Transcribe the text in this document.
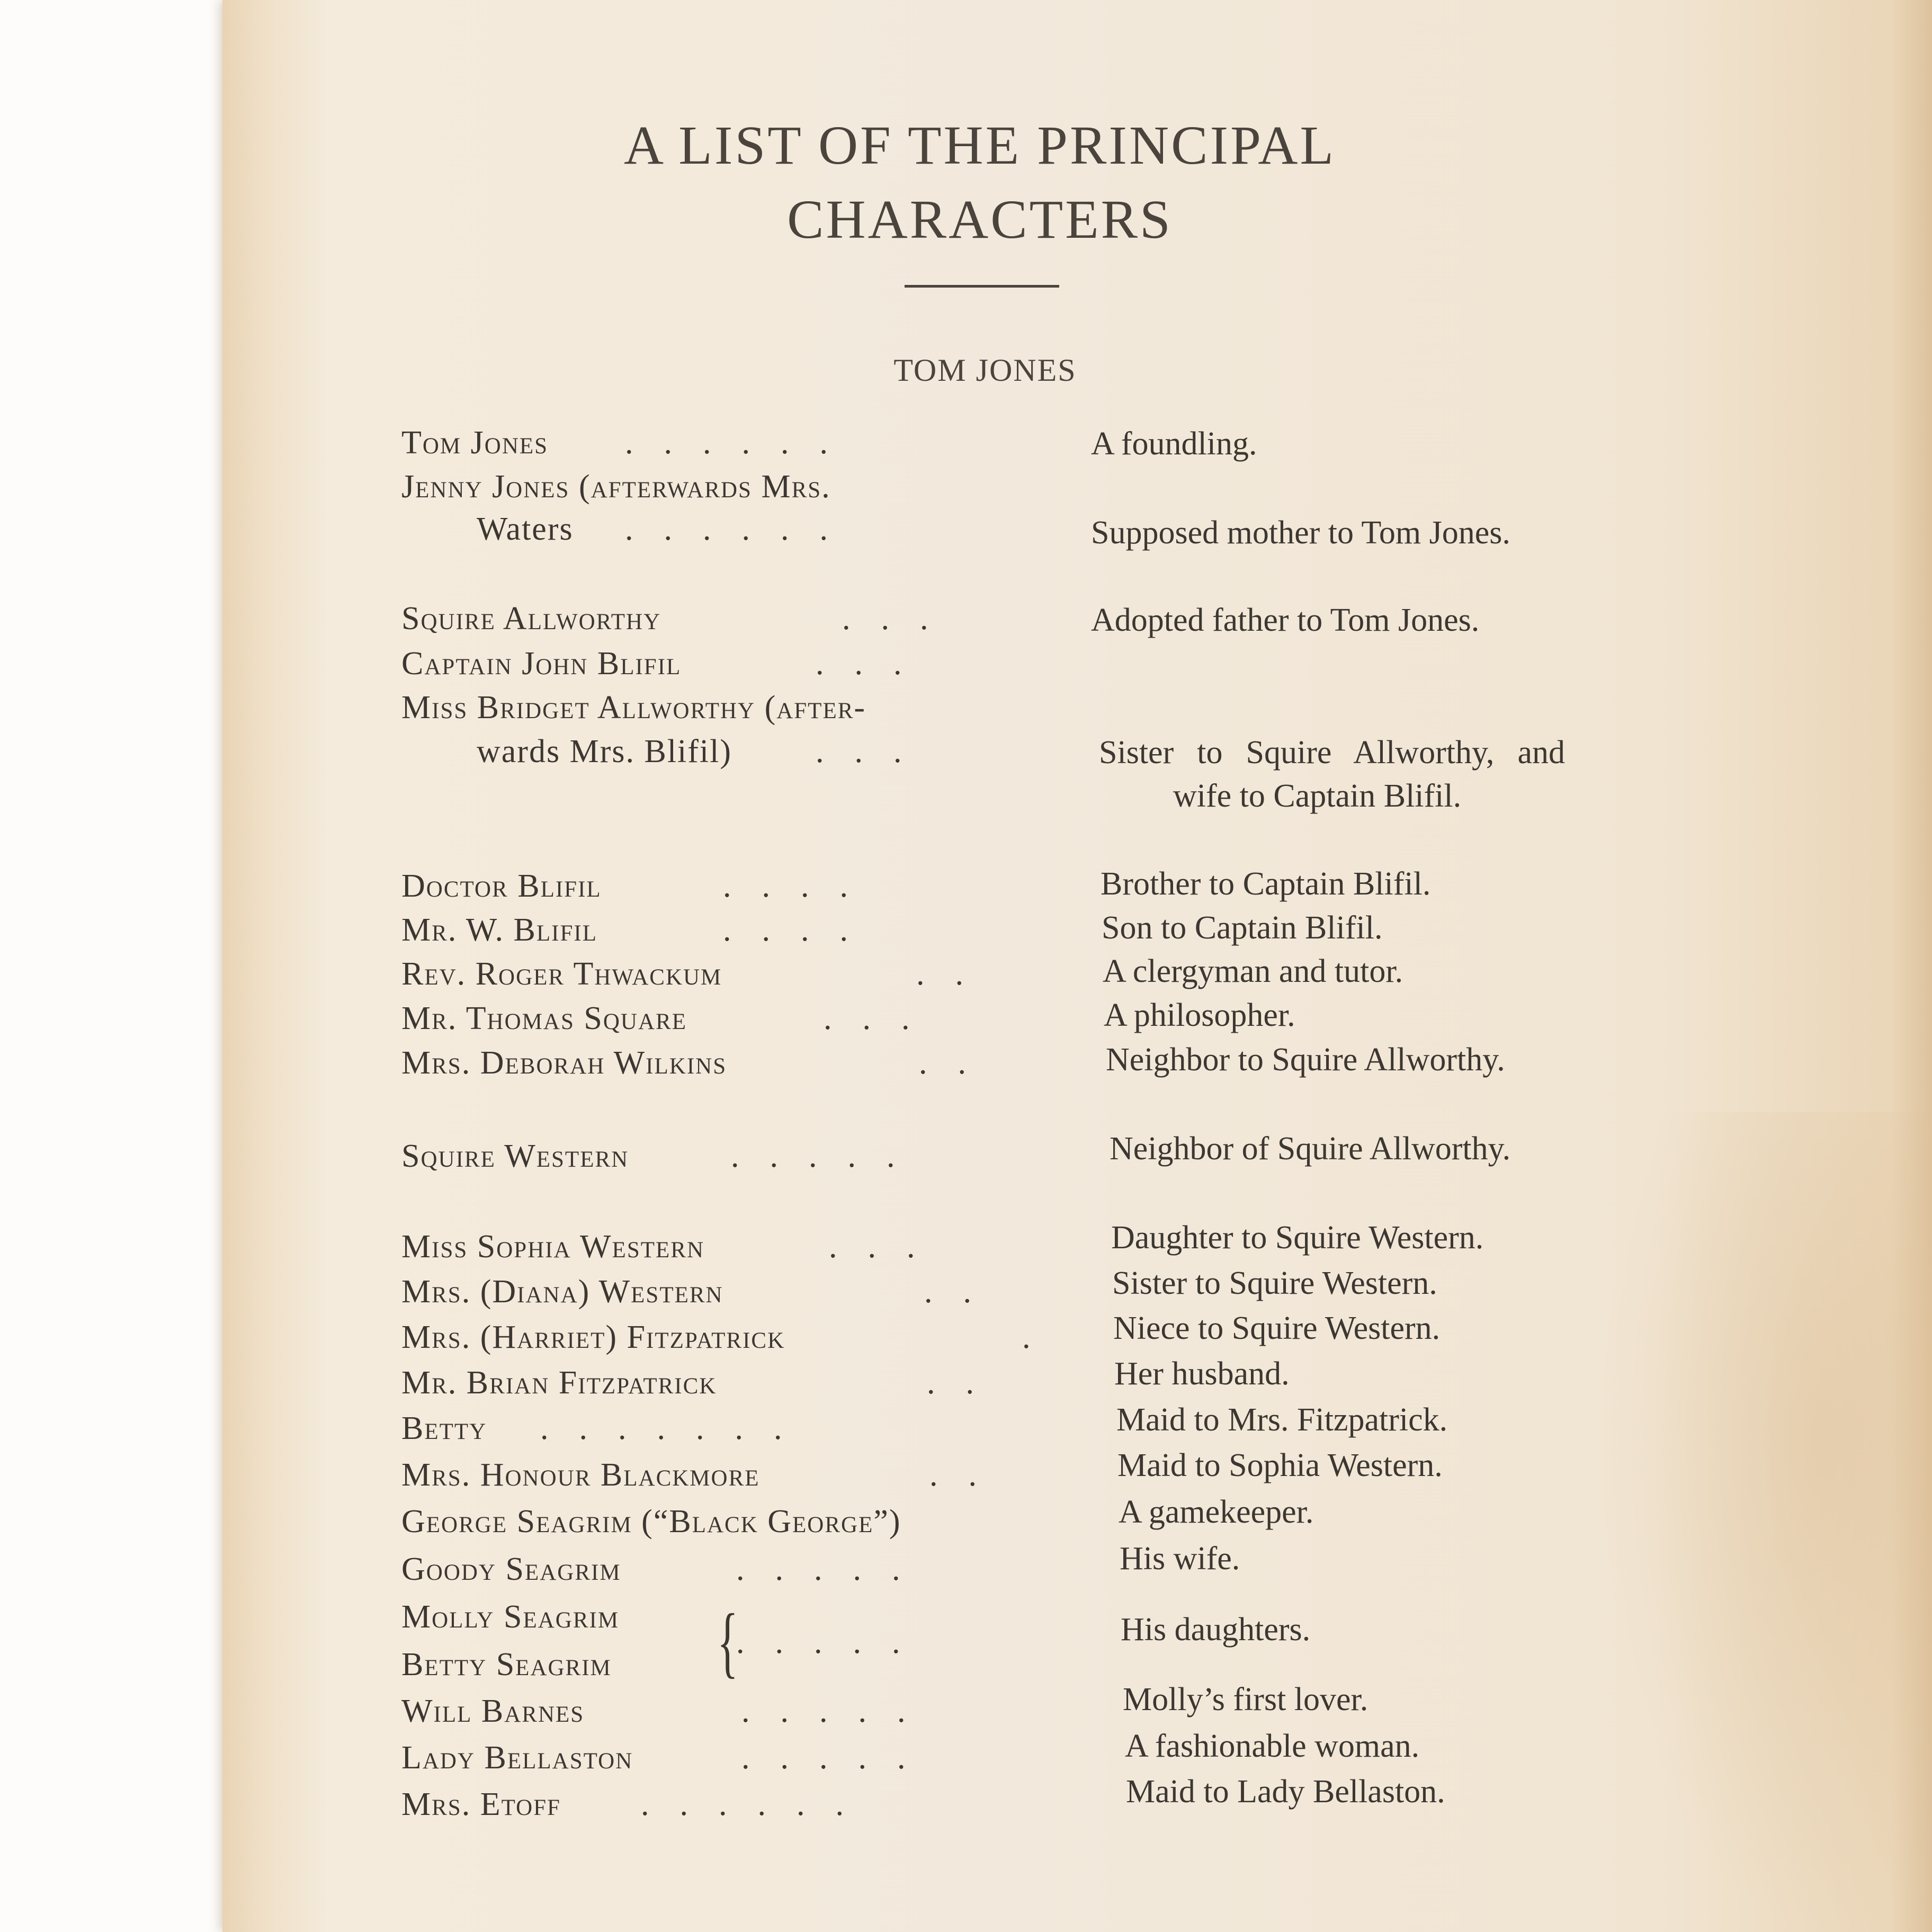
A LIST OF THE PRINCIPAL
CHARACTERS
TOM JONES
Tom Jones	......	A foundling.
Jenny Jones (afterwards Mrs.
Waters ......	Supposed mother to Tom Jones.
Squire Allworthy	...	Adopted father to Tom Jones.
Captain John Blifil	...
Miss Bridget Allworthy (after-
wards Mrs. Blifil)	...	Sister to Squire Allworthy, and wife to Captain Blifil.
Doctor Blifil	....	Brother to Captain Blifil.
Mr. W. Blifil	....	Son to Captain Blifil.
Rev. Roger Thwackum	..	A clergyman and tutor.
Mr. Thomas Square	...	A philosopher.
Mrs. Deborah Wilkins	..	Neighbor to Squire Allworthy.
Squire Western	.....	Neighbor of Squire Allworthy.
Miss Sophia Western	...	Daughter to Squire Western.
Mrs. (Diana) Western	..	Sister to Squire Western.
Mrs. (Harriet) Fitzpatrick	. Niece to Squire Western.
Mr. Brian Fitzpatrick	..	Her husband.
Betty	.......	Maid to Mrs. Fitzpatrick.
Mrs. Honour Blackmore	..	Maid to Sophia Western.
George Seagrim (“Black George”)	A gamekeeper.
Goody Seagrim	.....	His wife.
Molly Seagrim
Betty Seagrim	{
.....	His daughters.
Will Barnes	.....	Molly’s first lover.
Lady Bellaston	.....	A fashionable woman.
Mrs. Etoff	......	Maid to Lady Bellaston.
